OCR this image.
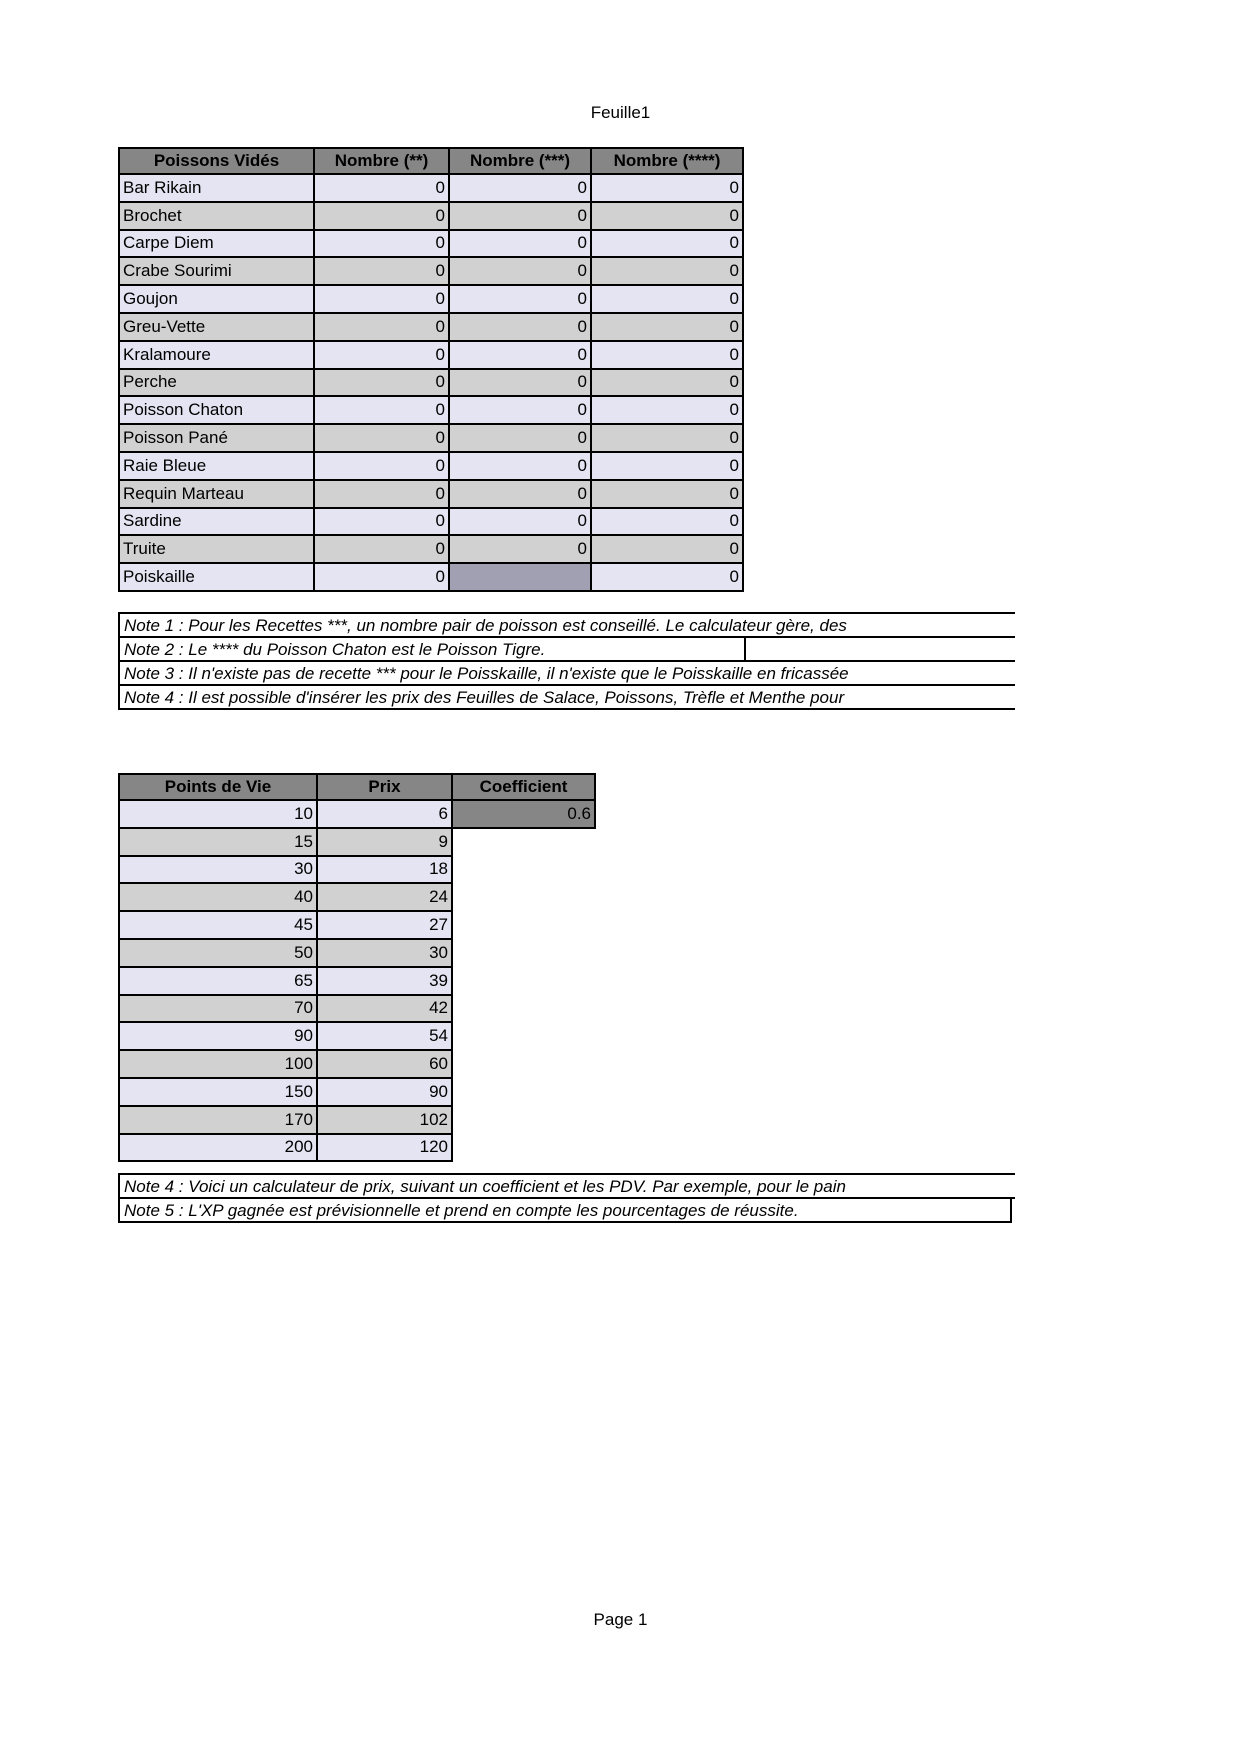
Feuille1
Poissons Vidés	Nombre (**)	Nombre (***)	Nombre (****)
Bar Rikain	0	0	0
Brochet	0	0	0
Carpe Diem	0	0	0
Crabe Sourimi	0	0	0
Goujon	0	0	0
Greu-Vette	0	0	0
Kralamoure	0	0	0
Perche	0	0	0
Poisson Chaton	0	0	0
Poisson Pané	0	0	0
Raie Bleue	0	0	0
Requin Marteau	0	0	0
Sardine	0	0	0
Truite	0	0	0
Poiskaille	0		0
Note 1 : Pour les Recettes ***, un nombre pair de poisson est conseillé. Le calculateur gère, des
Note 2 : Le **** du Poisson Chaton est le Poisson Tigre.
Note 3 : Il n'existe pas de recette *** pour le Poisskaille, il n'existe que le Poisskaille en fricassée
Note 4 : Il est possible d'insérer les prix des Feuilles de Salace, Poissons, Trèfle et Menthe pour
Points de Vie	Prix	Coefficient
10	6	0.6
15	9	
30	18	
40	24	
45	27	
50	30	
65	39	
70	42	
90	54	
100	60	
150	90	
170	102	
200	120	
Note 4 : Voici un calculateur de prix, suivant un coefficient et les PDV. Par exemple, pour le pain
Note 5 : L'XP gagnée est prévisionnelle et prend en compte les pourcentages de réussite.
Page 1
